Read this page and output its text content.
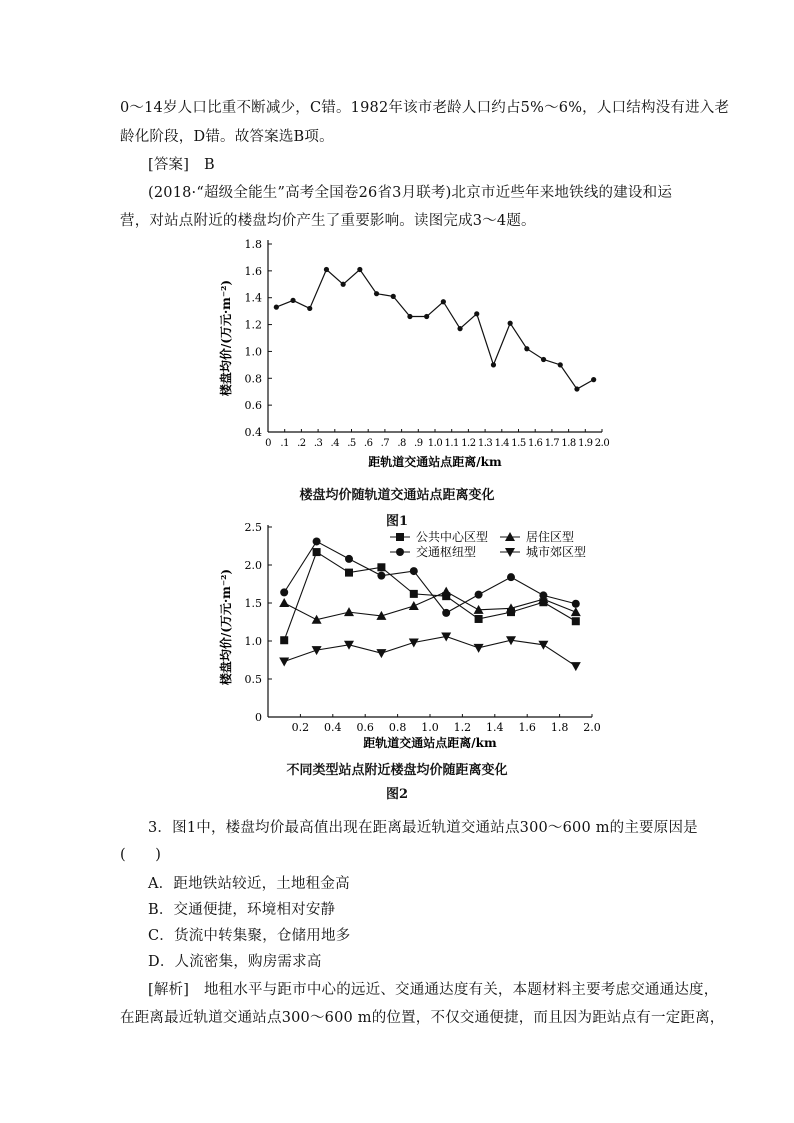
0～14岁人口比重不断减少，C错。1982年该市老龄人口约占5%～6%，人口结构没有进入老
龄化阶段，D错。故答案选B项。
[答案] B
(2018·“超级全能生”高考全国卷26省3月联考)北京市近些年来地铁线的建设和运
营，对站点附近的楼盘均价产生了重要影响。读图完成3～4题。
0.4
0.6
0.8
1.0
1.2
1.4
1.6
1.8
0 .1 .2 .3 .4 .5 .6 .7 .8 .9 1.0 1.1 1.2 1.3 1.4 1.5 1.6 1.7 1.8 1.9 2.0
距轨道交通站点距离/km
楼盘均价/(万元·m⁻²)
楼盘均价随轨道交通站点距离变化
图1
0
0.5
1.0
1.5
2.0
2.5
0.2 0.4 0.6 0.8 1.0 1.2 1.4 1.6 1.8 2.0
距轨道交通站点距离/km
楼盘均价/(万元·m⁻²)
公共中心区型	居住区型
交通枢纽型	城市郊区型
不同类型站点附近楼盘均价随距离变化
图2
3．图1中，楼盘均价最高值出现在距离最近轨道交通站点300～600 m的主要原因是
(　　)
A．距地铁站较近，土地租金高
B．交通便捷，环境相对安静
C．货流中转集聚，仓储用地多
D．人流密集，购房需求高
[解析] 地租水平与距市中心的远近、交通通达度有关，本题材料主要考虑交通通达度，
在距离最近轨道交通站点300～600 m的位置，不仅交通便捷，而且因为距站点有一定距离，
